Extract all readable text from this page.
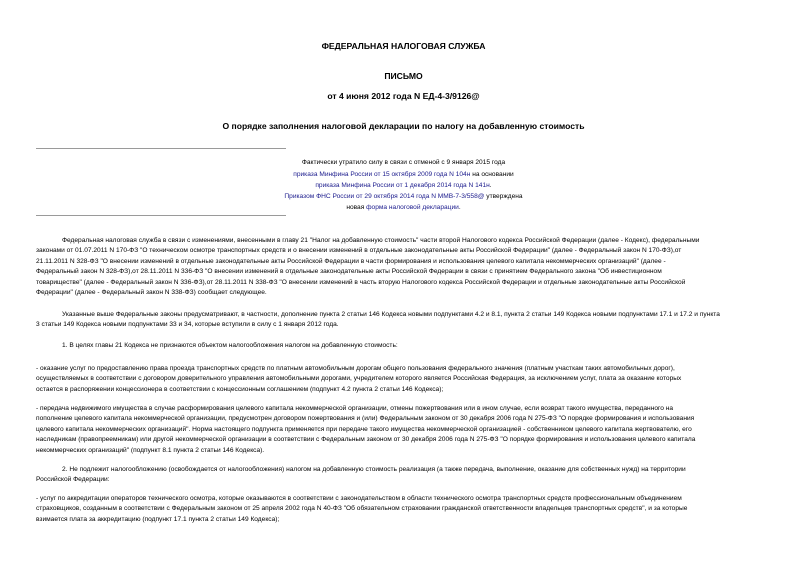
ФЕДЕРАЛЬНАЯ НАЛОГОВАЯ СЛУЖБА
ПИСЬМО
от 4 июня 2012 года N ЕД-4-3/9126@
О порядке заполнения налоговой декларации по налогу на добавленную стоимость
Фактически утратило силу в связи с отменой с 9 января 2015 года
приказа Минфина России от 15 октября 2009 года N 104н на основании
приказа Минфина России от 1 декабря 2014 года N 141н.
Приказом ФНС России от 29 октября 2014 года N ММВ-7-3/558@ утверждена
новая форма налоговой декларации.
Федеральная налоговая служба в связи с изменениями, внесенными в главу 21 "Налог на добавленную стоимость" части второй Налогового кодекса Российской Федерации (далее - Кодекс), федеральными
законами от 01.07.2011 N 170-ФЗ "О техническом осмотре транспортных средств и о внесении изменений в отдельные законодательные акты Российской Федерации" (далее - Федеральный закон N 170-ФЗ),от
21.11.2011 N 328-ФЗ "О внесении изменений в отдельные законодательные акты Российской Федерации в части формирования и использования целевого капитала некоммерческих организаций" (далее -
Федеральный закон N 328-ФЗ),от 28.11.2011 N 336-ФЗ "О внесении изменений в отдельные законодательные акты Российской Федерации в связи с принятием Федерального закона "Об инвестиционном
товариществе" (далее - Федеральный закон N 336-ФЗ),от 28.11.2011 N 338-ФЗ "О внесении изменений в часть вторую Налогового кодекса Российской Федерации и отдельные законодательные акты Российской
Федерации" (далее - Федеральный закон N 338-ФЗ) сообщает следующее.
Указанные выше Федеральные законы предусматривают, в частности, дополнение пункта 2 статьи 146 Кодекса новыми подпунктами 4.2 и 8.1, пункта 2 статьи 149 Кодекса новыми подпунктами 17.1 и 17.2 и пункта
3 статьи 149 Кодекса новыми подпунктами 33 и 34, которые вступили в силу с 1 января 2012 года.
1. В целях главы 21 Кодекса не признаются объектом налогообложения налогом на добавленную стоимость:
- оказание услуг по предоставлению права проезда транспортных средств по платным автомобильным дорогам общего пользования федерального значения (платным участкам таких автомобильных дорог),
осуществляемых в соответствии с договором доверительного управления автомобильными дорогами, учредителем которого является Российская Федерация, за исключением услуг, плата за оказание которых
остается в распоряжении концессионера в соответствии с концессионным соглашением (подпункт 4.2 пункта 2 статьи 146 Кодекса);
- передача недвижимого имущества в случае расформирования целевого капитала некоммерческой организации, отмены пожертвования или в ином случае, если возврат такого имущества, переданного на
пополнение целевого капитала некоммерческой организации, предусмотрен договором пожертвования и (или) Федеральным законом от 30 декабря 2006 года N 275-ФЗ "О порядке формирования и использования
целевого капитала некоммерческих организаций". Норма настоящего подпункта применяется при передаче такого имущества некоммерческой организацией - собственником целевого капитала жертвователю, его
наследникам (правопреемникам) или другой некоммерческой организации в соответствии с Федеральным законом от 30 декабря 2006 года N 275-ФЗ "О порядке формирования и использования целевого капитала
некоммерческих организаций" (подпункт 8.1 пункта 2 статьи 146 Кодекса).
2. Не подлежит налогообложению (освобождается от налогообложения) налогом на добавленную стоимость реализация (а также передача, выполнение, оказание для собственных нужд) на территории
Российской Федерации:
- услуг по аккредитации операторов технического осмотра, которые оказываются в соответствии с законодательством в области технического осмотра транспортных средств профессиональным объединением
страховщиков, созданным в соответствии с Федеральным законом от 25 апреля 2002 года N 40-ФЗ "Об обязательном страховании гражданской ответственности владельцев транспортных средств", и за которые
взимается плата за аккредитацию (подпункт 17.1 пункта 2 статьи 149 Кодекса);
